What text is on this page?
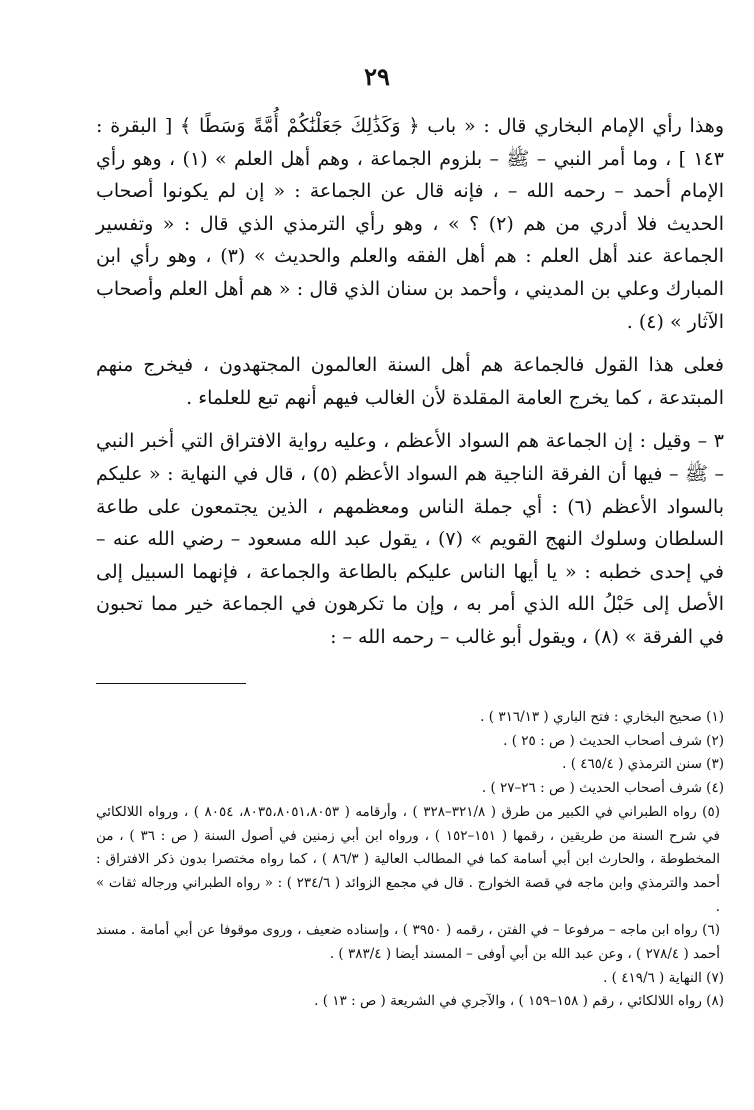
٢٩

وهذا رأي الإمام البخاري قال : « باب ﴿ وَكَذَٰلِكَ جَعَلْنَٰكُمْ أُمَّةً وَسَطًا ﴾ [ البقرة : ١٤٣ ] ، وما أمر النبي – ﷺ – بلزوم الجماعة ، وهم أهل العلم » (١) ، وهو رأي الإمام أحمد – رحمه الله – ، فإنه قال عن الجماعة : « إن لم يكونوا أصحاب الحديث فلا أدري من هم (٢) ؟ » ، وهو رأي الترمذي الذي قال : « وتفسير الجماعة عند أهل العلم : هم أهل الفقه والعلم والحديث » (٣) ، وهو رأي ابن المبارك وعلي بن المديني ، وأحمد بن سنان الذي قال : « هم أهل العلم وأصحاب الآثار » (٤) .

فعلى هذا القول فالجماعة هم أهل السنة العالمون المجتهدون ، فيخرج منهم المبتدعة ، كما يخرج العامة المقلدة لأن الغالب فيهم أنهم تبع للعلماء .

٣ – وقيل : إن الجماعة هم السواد الأعظم ، وعليه رواية الافتراق التي أخبر النبي – ﷺ – فيها أن الفرقة الناجية هم السواد الأعظم (٥) ، قال في النهاية : « عليكم بالسواد الأعظم (٦) : أي جملة الناس ومعظمهم ، الذين يجتمعون على طاعة السلطان وسلوك النهج القويم » (٧) ، يقول عبد الله مسعود – رضي الله عنه – في إحدى خطبه : « يا أيها الناس عليكم بالطاعة والجماعة ، فإنهما السبيل إلى الأصل إلى حَبْلُ الله الذي أمر به ، وإن ما تكرهون في الجماعة خير مما تحبون في الفرقة » (٨) ، ويقول أبو غالب – رحمه الله – :

(١) صحيح البخاري : فتح الباري ( ٣١٦/١٣ ) .

(٢) شرف أصحاب الحديث ( ص : ٢٥ ) .

(٣) سنن الترمذي ( ٤٦٥/٤ ) .

(٤) شرف أصحاب الحديث ( ص : ٢٦–٢٧ ) .

(٥) رواه الطبراني في الكبير من طرق ( ٣٢١/٨–٣٢٨ ) ، وأرقامه ( ٨٠٣٥،٨٠٥١،٨٠٥٣، ٨٠٥٤ ) ، ورواه اللالكائي في شرح السنة من طريقين ، رقمها ( ١٥١–١٥٢ ) ، ورواه ابن أبي زمنين في أصول السنة ( ص : ٣٦ ) ، من المخطوطة ، والحارث ابن أبي أسامة كما في المطالب العالية ( ٨٦/٣ ) ، كما رواه مختصرا بدون ذكر الافتراق : أحمد والترمذي وابن ماجه في قصة الخوارج . قال في مجمع الزوائد ( ٢٣٤/٦ ) : « رواه الطبراني ورجاله ثقات » .

(٦) رواه ابن ماجه – مرفوعا – في الفتن ، رقمه ( ٣٩٥٠ ) ، وإسناده ضعيف ، وروى موقوفا عن أبي أمامة . مسند أحمد ( ٢٧٨/٤ ) ، وعن عبد الله بن أبي أوفى – المسند أيضا ( ٣٨٣/٤ ) .

(٧) النهاية ( ٤١٩/٦ ) .

(٨) رواه اللالكائي ، رقم ( ١٥٨–١٥٩ ) ، والآجري في الشريعة ( ص : ١٣ ) .
